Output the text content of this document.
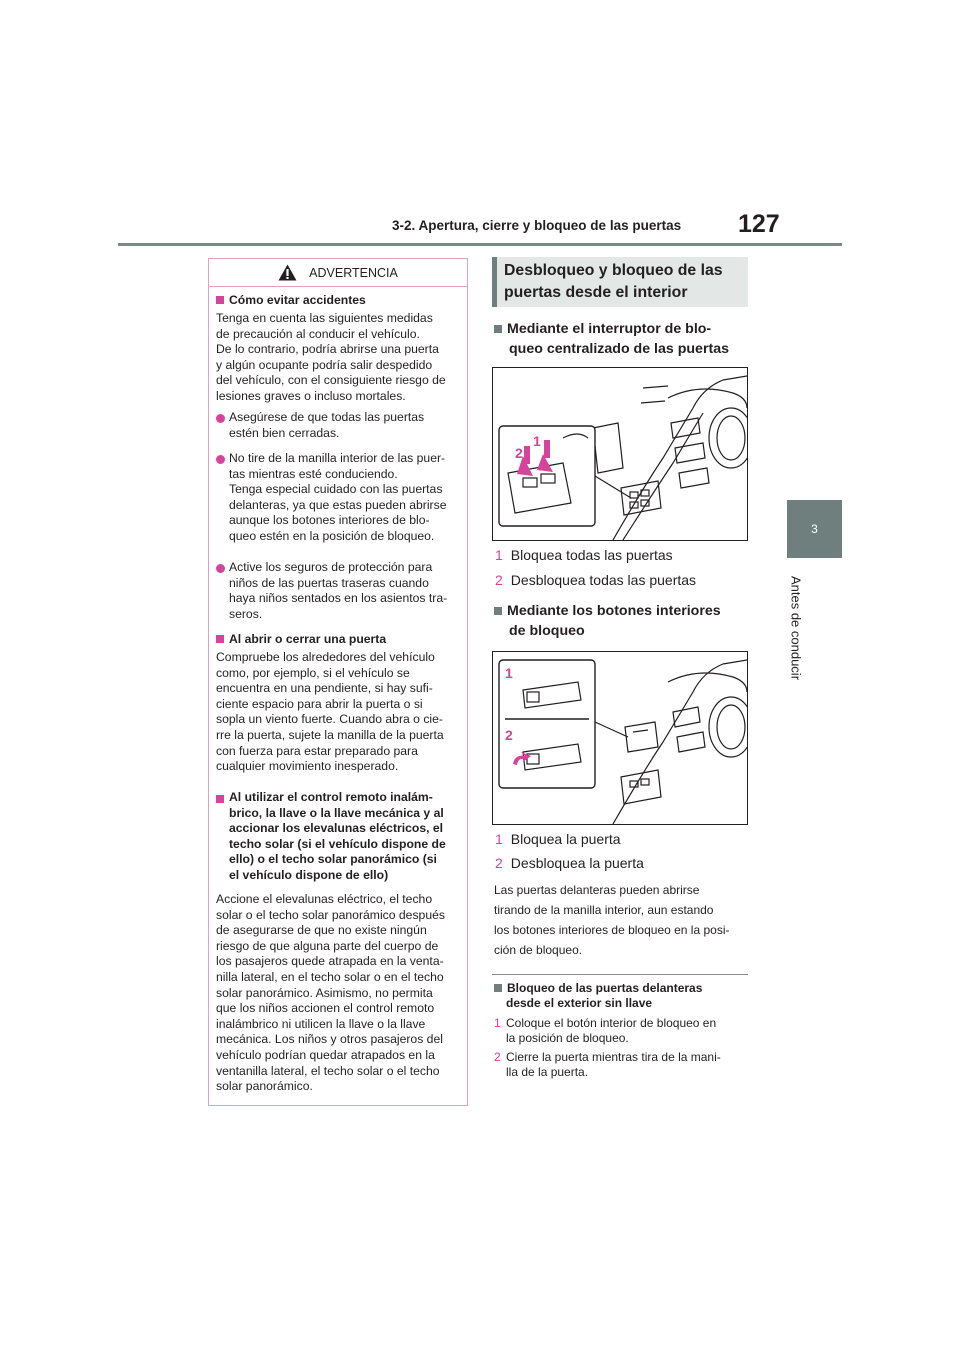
3-2. Apertura, cierre y bloqueo de las puertas 127
3
Antes de conducir
ADVERTENCIA
Cómo evitar accidentes
Tenga en cuenta las siguientes medidas
de precaución al conducir el vehículo.
De lo contrario, podría abrirse una puerta
y algún ocupante podría salir despedido
del vehículo, con el consiguiente riesgo de
lesiones graves o incluso mortales.
Asegúrese de que todas las puertas
estén bien cerradas.
No tire de la manilla interior de las puer-
tas mientras esté conduciendo.
Tenga especial cuidado con las puertas
delanteras, ya que estas pueden abrirse
aunque los botones interiores de blo-
queo estén en la posición de bloqueo.
Active los seguros de protección para
niños de las puertas traseras cuando
haya niños sentados en los asientos tra-
seros.
Al abrir o cerrar una puerta
Compruebe los alrededores del vehículo
como, por ejemplo, si el vehículo se
encuentra en una pendiente, si hay sufi-
ciente espacio para abrir la puerta o si
sopla un viento fuerte. Cuando abra o cie-
rre la puerta, sujete la manilla de la puerta
con fuerza para estar preparado para
cualquier movimiento inesperado.
Al utilizar el control remoto inalám-
brico, la llave o la llave mecánica y al
accionar los elevalunas eléctricos, el
techo solar (si el vehículo dispone de
ello) o el techo solar panorámico (si
el vehículo dispone de ello)
Accione el elevalunas eléctrico, el techo
solar o el techo solar panorámico después
de asegurarse de que no existe ningún
riesgo de que alguna parte del cuerpo de
los pasajeros quede atrapada en la venta-
nilla lateral, en el techo solar o en el techo
solar panorámico. Asimismo, no permita
que los niños accionen el control remoto
inalámbrico ni utilicen la llave o la llave
mecánica. Los niños y otros pasajeros del
vehículo podrían quedar atrapados en la
ventanilla lateral, el techo solar o el techo
solar panorámico.
Desbloqueo y bloqueo de las
puertas desde el interior
Mediante el interruptor de blo-
queo centralizado de las puertas
1
2
1 Bloquea todas las puertas
2 Desbloquea todas las puertas
Mediante los botones interiores
de bloqueo
1
2
1 Bloquea la puerta
2 Desbloquea la puerta
Las puertas delanteras pueden abrirse
tirando de la manilla interior, aun estando
los botones interiores de bloqueo en la posi-
ción de bloqueo.
Bloqueo de las puertas delanteras
desde el exterior sin llave
1 Coloque el botón interior de bloqueo en
la posición de bloqueo.
2 Cierre la puerta mientras tira de la mani-
lla de la puerta.
